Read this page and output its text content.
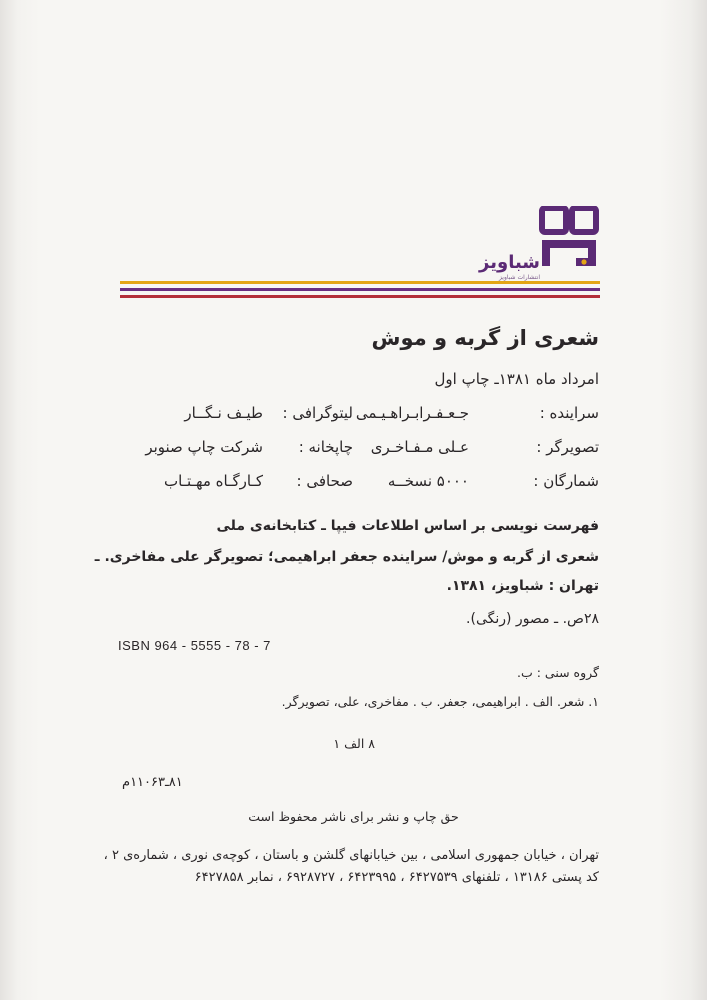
شباویز
انتشارات شباویز
شعری از گربه و موش
امرداد ماه ۱۳۸۱ـ چاپ اول
سراینده :
جـعـفـرابـراهـیـمی
لیتوگرافی :
طیـف نـگــار
تصویرگر :
عـلی مـفـاخـری
چاپخانه :
شرکت چاپ صنوبر
شمارگان :
۵۰۰۰ نسخــه
صحافی :
کـارگـاه مهـتـاب
فهرست نویسی بر اساس اطلاعات فیپا ـ کتابخانه‌ی ملی
شعری از گربه و موش/ سراینده جعفر ابراهیمی؛ تصویرگر علی مفاخری. ـ
تهران : شباویز، ۱۳۸۱.
۲۸ص. ـ مصور (رنگی).
ISBN 964 - 5555 - 78 - 7
گروه سنی : ب.
۱. شعر. الف . ابراهیمی، جعفر. ب . مفاخری، علی، تصویرگر.
۸ الف ۱
۸۱ـ۱۱۰۶۳م
حق چاپ و نشر برای ناشر محفوظ است
تهران ، خیابان جمهوری اسلامی ، بین خیابانهای گلشن و باستان ، کوچه‌ی نوری ، شماره‌ی ۲ ،
کد پستی ۱۳۱۸۶ ، تلفنهای ۶۴۲۷۵۳۹ ، ۶۴۲۳۹۹۵ ، ۶۹۲۸۷۲۷ ، نمابر ۶۴۲۷۸۵۸
